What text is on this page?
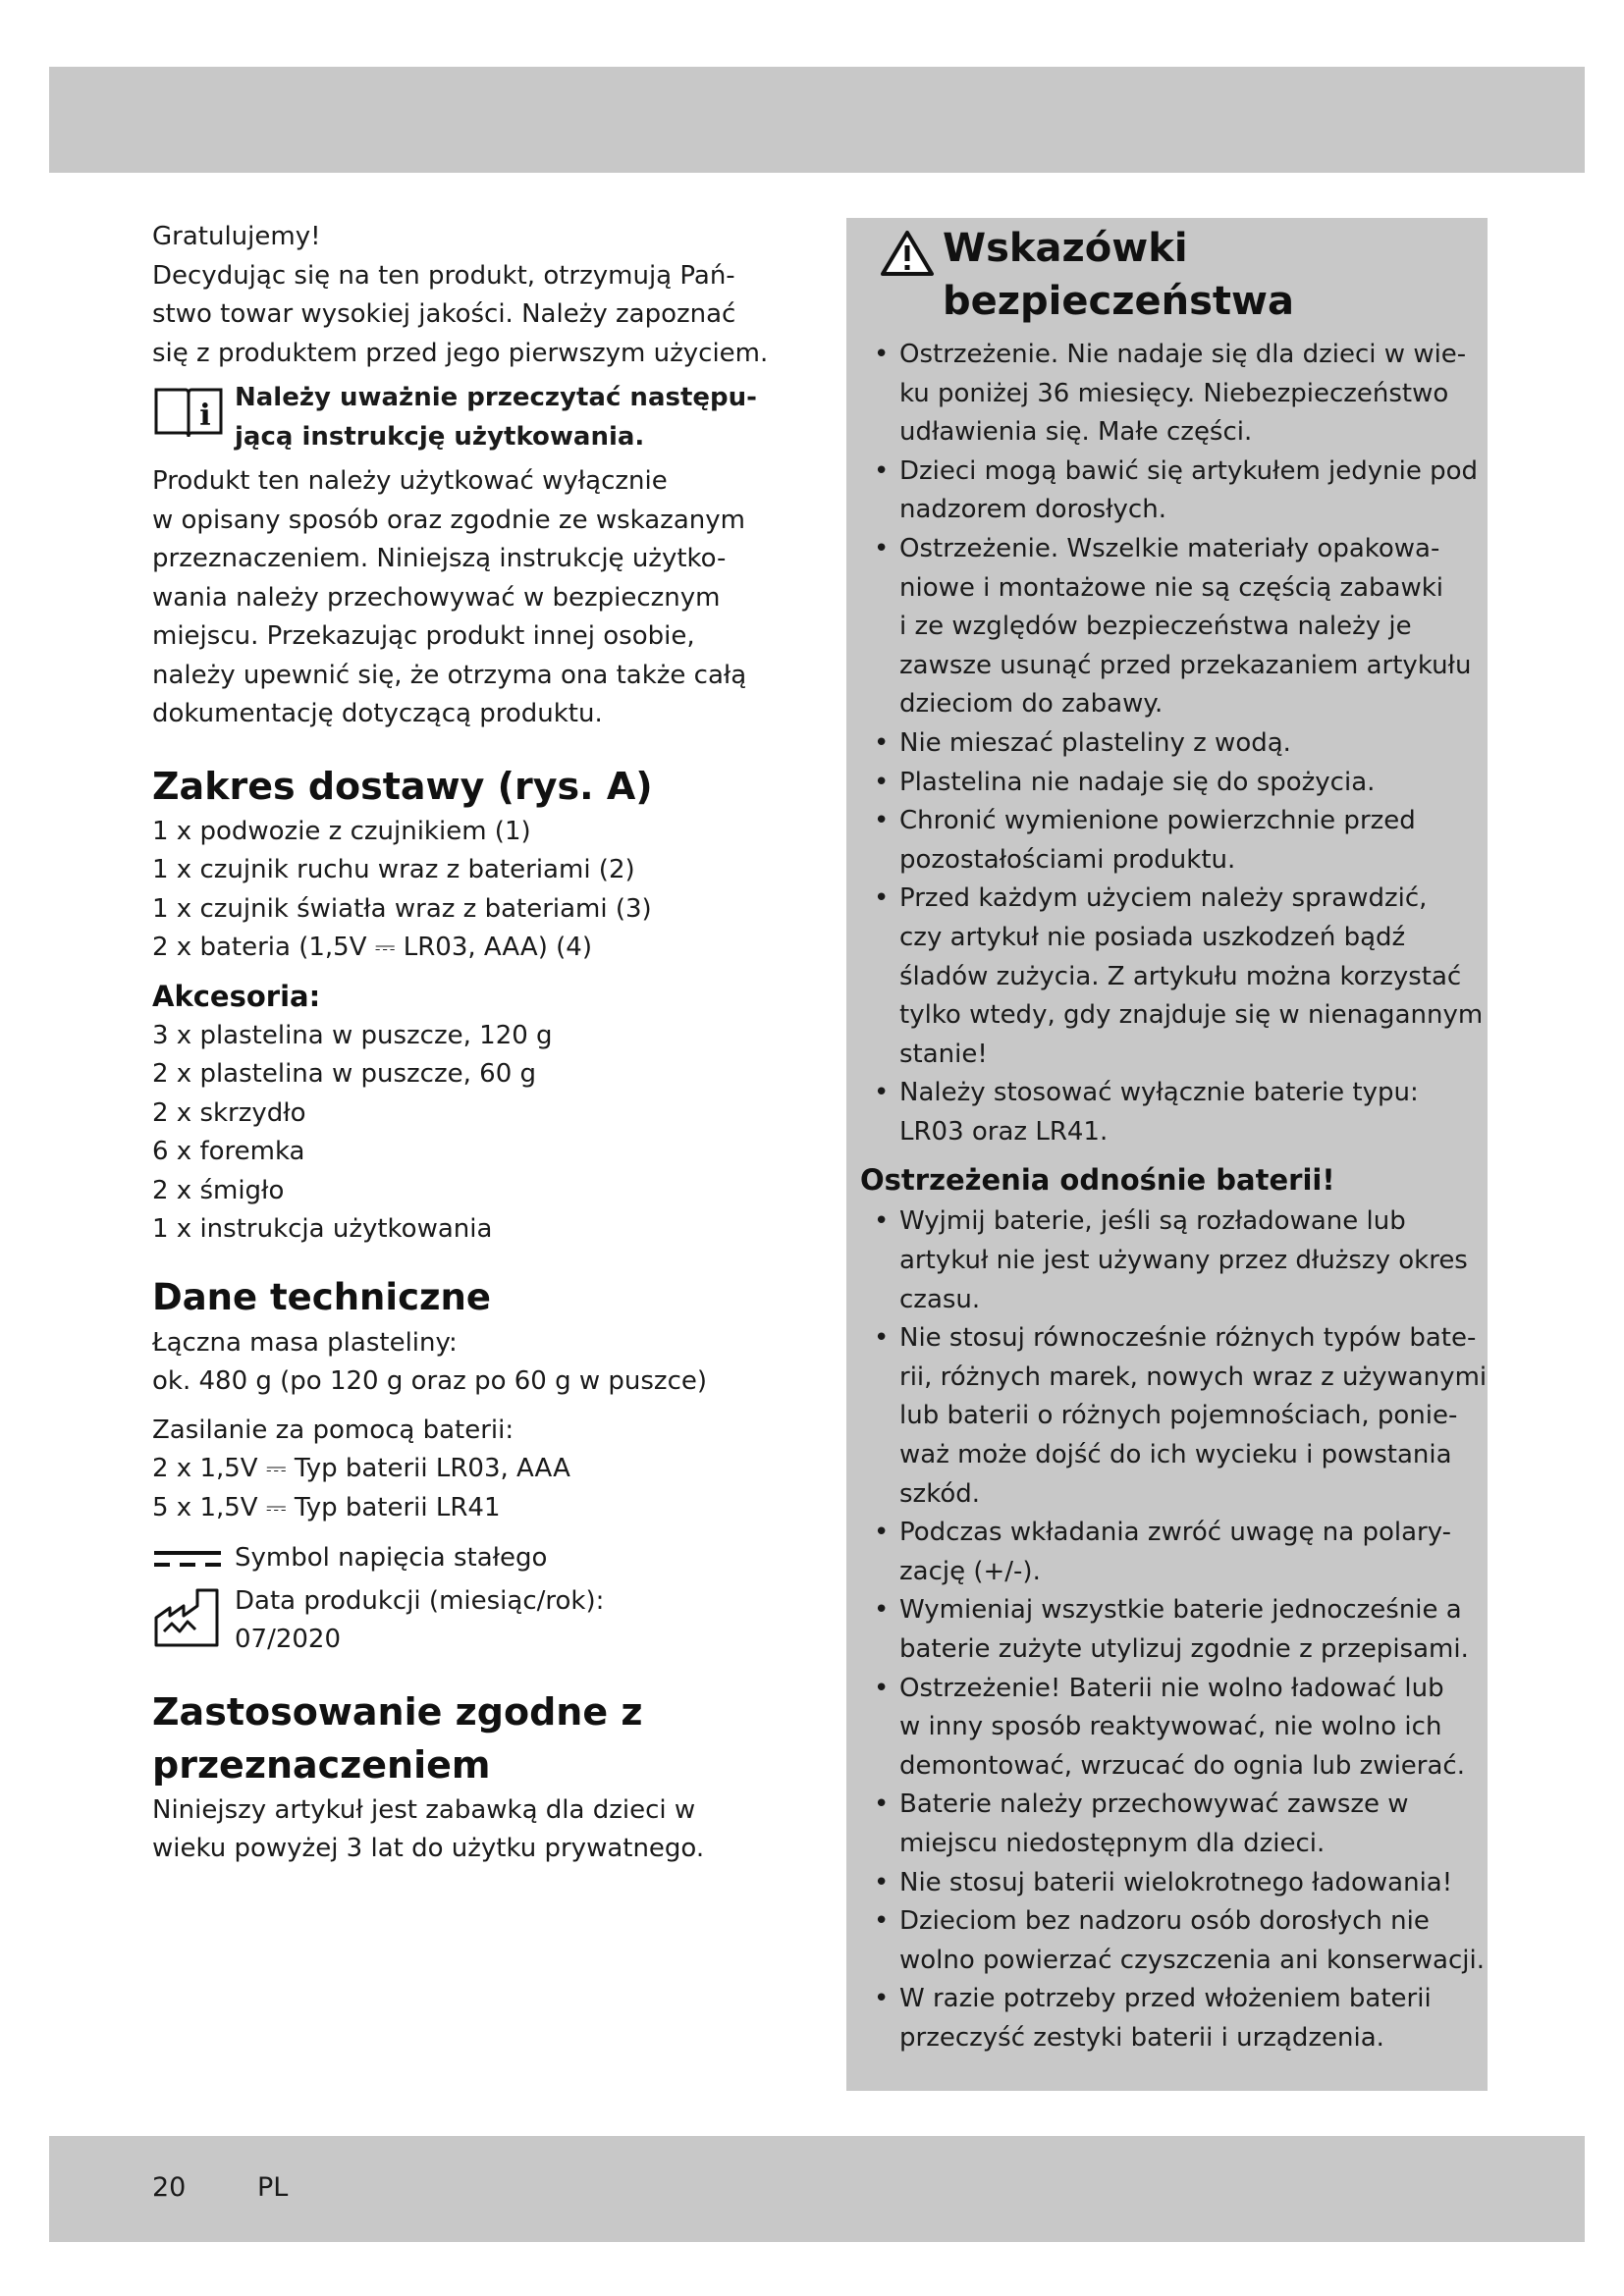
Gratulujemy!

Decydując się na ten produkt, otrzymują Pań-

stwo towar wysokiej jakości. Należy zapoznać

się z produktem przed jego pierwszym użyciem.

i
Należy uważnie przeczytać następu-
jącą instrukcję użytkowania.

Produkt ten należy użytkować wyłącznie

w opisany sposób oraz zgodnie ze wskazanym

przeznaczeniem. Niniejszą instrukcję użytko-

wania należy przechowywać w bezpiecznym

miejscu. Przekazując produkt innej osobie,

należy upewnić się, że otrzyma ona także całą

dokumentację dotyczącą produktu.

Zakres dostawy (rys. A)
1 x podwozie z czujnikiem (1)
1 x czujnik ruchu wraz z bateriami (2)
1 x czujnik światła wraz z bateriami (3)
2 x bateria (1,5V ⎓ LR03, AAA) (4)
Akcesoria:
3 x plastelina w puszcze, 120 g
2 x plastelina w puszcze, 60 g
2 x skrzydło
6 x foremka
2 x śmigło
1 x instrukcja użytkowania
Dane techniczne

Łączna masa plasteliny:

ok. 480 g (po 120 g oraz po 60 g w puszce)

Zasilanie za pomocą baterii:

2 x 1,5V ⎓ Typ baterii LR03, AAA

5 x 1,5V ⎓ Typ baterii LR41

⎓
Symbol napięcia stałego
Data produkcji (miesiąc/rok):
07/2020
Zastosowanie zgodne z
przeznaczeniem

Niniejszy artykuł jest zabawką dla dzieci w

wieku powyżej 3 lat do użytku prywatnego.

Wskazówki
bezpieczeństwa
• Ostrzeżenie. Nie nadaje się dla dzieci w wie-
ku poniżej 36 miesięcy. Niebezpieczeństwo
udławienia się. Małe części.
• Dzieci mogą bawić się artykułem jedynie pod
nadzorem dorosłych.
• Ostrzeżenie. Wszelkie materiały opakowa-
niowe i montażowe nie są częścią zabawki
i ze względów bezpieczeństwa należy je
zawsze usunąć przed przekazaniem artykułu
dzieciom do zabawy.
• Nie mieszać plasteliny z wodą.
• Plastelina nie nadaje się do spożycia.
• Chronić wymienione powierzchnie przed
pozostałościami produktu.
• Przed każdym użyciem należy sprawdzić,
czy artykuł nie posiada uszkodzeń bądź
śladów zużycia. Z artykułu można korzystać
tylko wtedy, gdy znajduje się w nienagannym
stanie!
• Należy stosować wyłącznie baterie typu:
LR03 oraz LR41.
Ostrzeżenia odnośnie baterii!
• Wyjmij baterie, jeśli są rozładowane lub
artykuł nie jest używany przez dłuższy okres
czasu.
• Nie stosuj równocześnie różnych typów bate-
rii, różnych marek, nowych wraz z używanymi
lub baterii o różnych pojemnościach, ponie-
waż może dojść do ich wycieku i powstania
szkód.
• Podczas wkładania zwróć uwagę na polary-
zację (+/-).
• Wymieniaj wszystkie baterie jednocześnie a
baterie zużyte utylizuj zgodnie z przepisami.
• Ostrzeżenie! Baterii nie wolno ładować lub
w inny sposób reaktywować, nie wolno ich
demontować, wrzucać do ognia lub zwierać.
• Baterie należy przechowywać zawsze w
miejscu niedostępnym dla dzieci.
• Nie stosuj baterii wielokrotnego ładowania!
• Dzieciom bez nadzoru osób dorosłych nie
wolno powierzać czyszczenia ani konserwacji.
• W razie potrzeby przed włożeniem baterii
przeczyść zestyki baterii i urządzenia.
20	PL
